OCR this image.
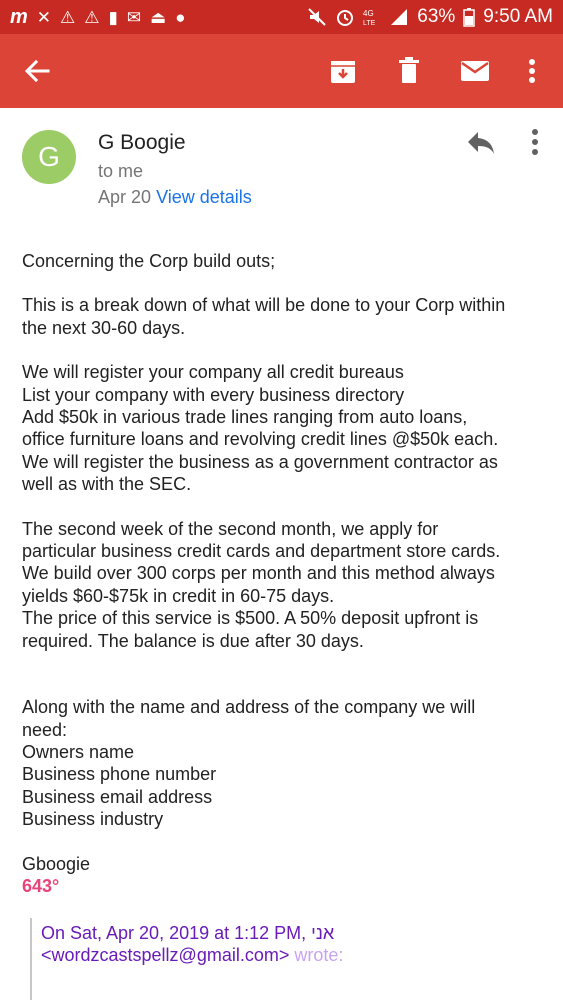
m ✕ ⚠ ⚠ ▮ ✉ ⏏ ●	4G
LTE 63% 9:50 AM
G	G Boogie
to me
Apr 20 View details

Concerning the Corp build outs;

This is a break down of what will be done to your Corp within

the next 30-60 days.

We will register your company all credit bureaus

List your company with every business directory

Add $50k in various trade lines ranging from auto loans,

office furniture loans and revolving credit lines @$50k each.

We will register the business as a government contractor as

well as with the SEC.

The second week of the second month, we apply for

particular business credit cards and department store cards.

We build over 300 corps per month and this method always

yields $60-$75k in credit in 60-75 days.

The price of this service is $500. A 50% deposit upfront is

required. The balance is due after 30 days.

Along with the name and address of the company we will

need:

Owners name

Business phone number

Business email address

Business industry

Gboogie

643°

On Sat, Apr 20, 2019 at 1:12 PM, אני
<wordzcastspellz@gmail.com> wrote:
